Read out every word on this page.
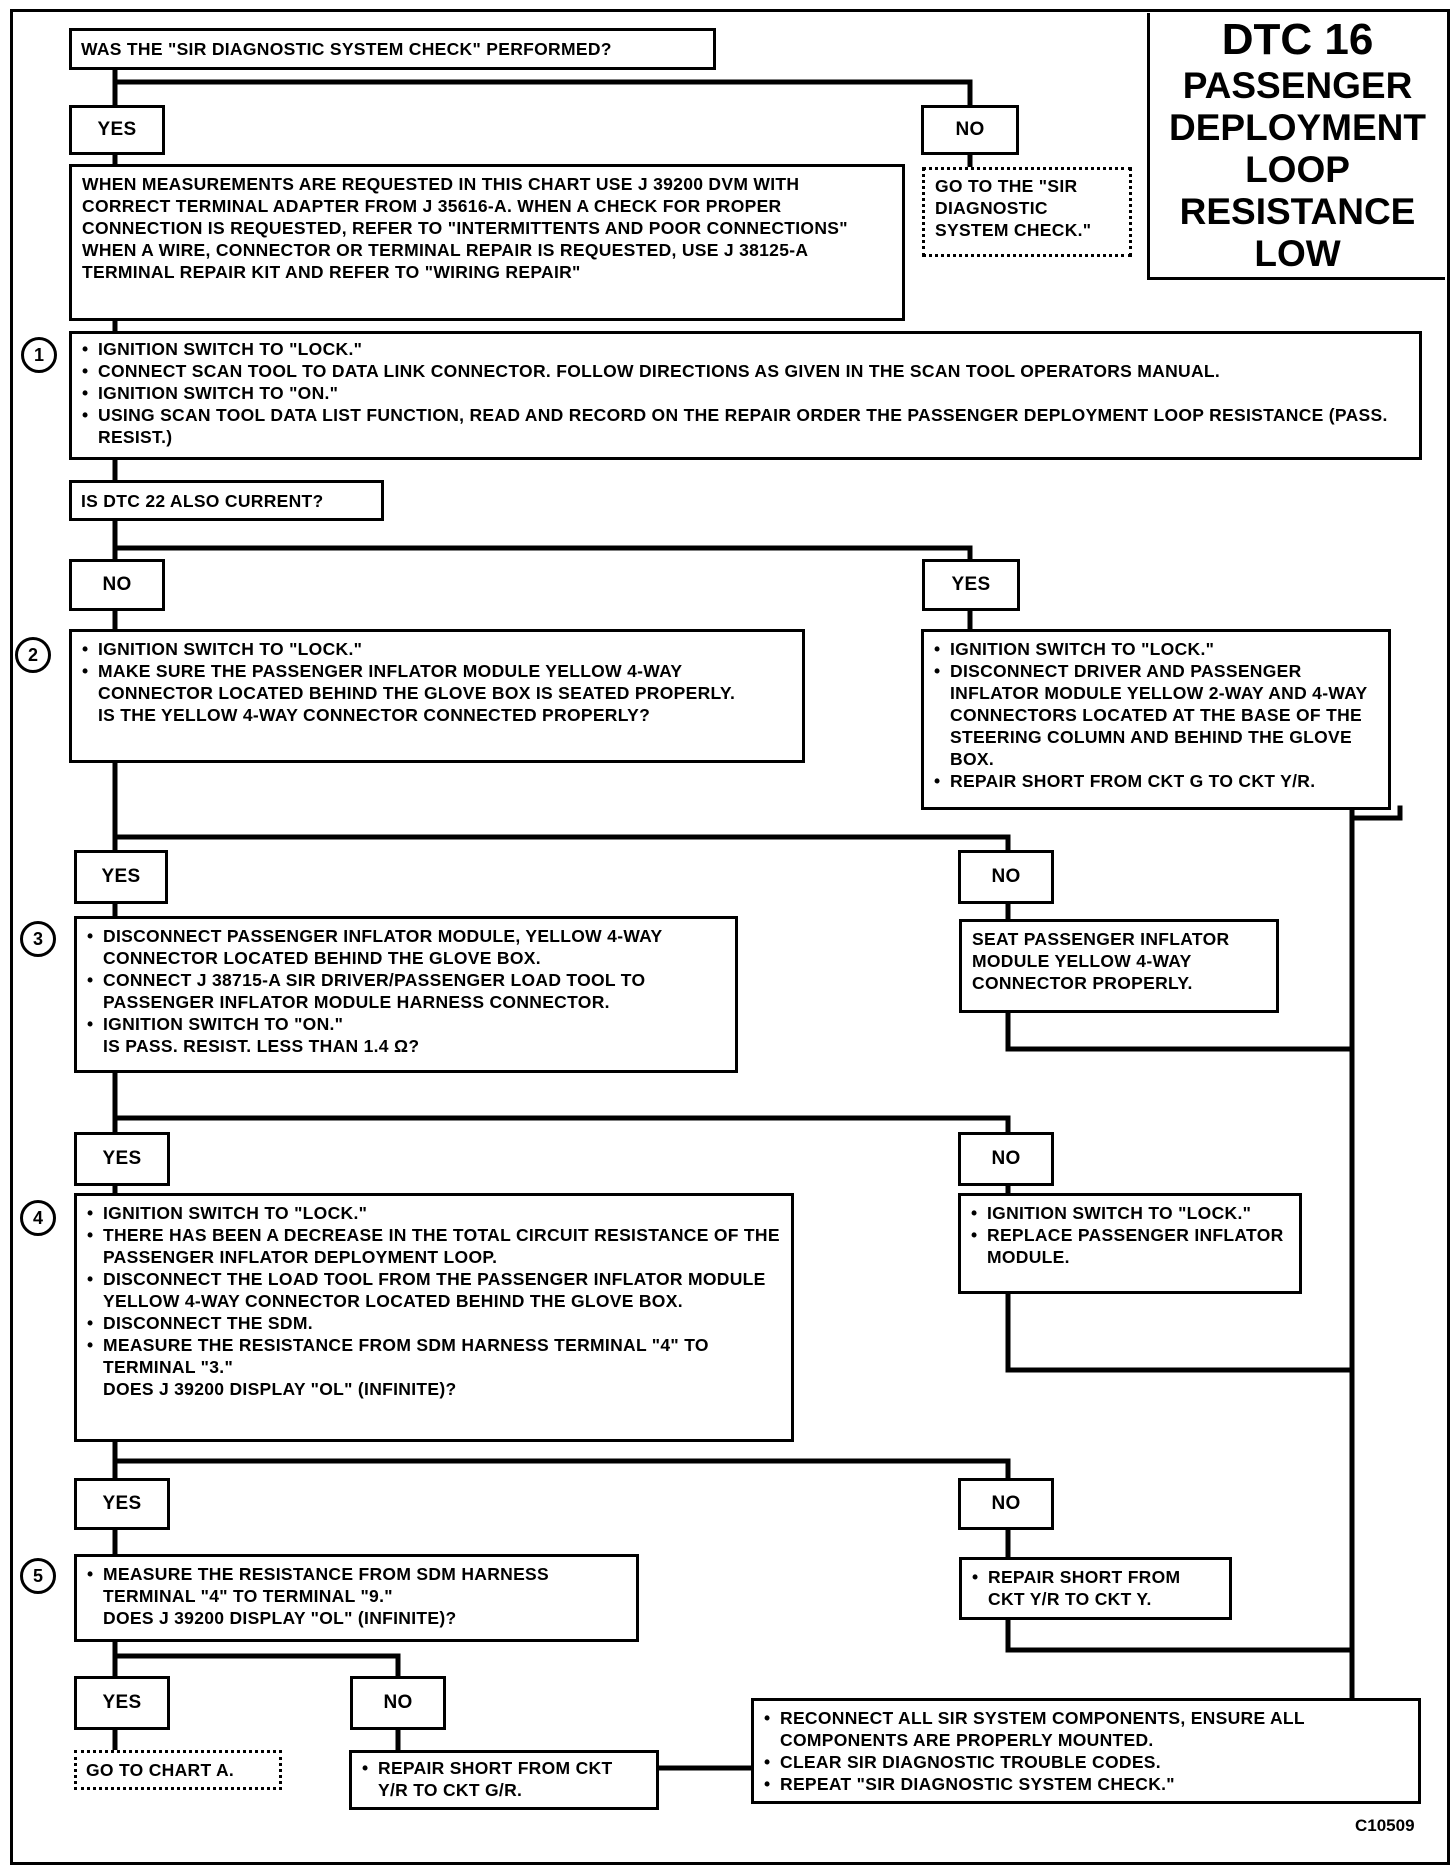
DTC 16
PASSENGER
DEPLOYMENT
LOOP
RESISTANCE
LOW
WAS THE "SIR DIAGNOSTIC SYSTEM CHECK" PERFORMED?
YES	NO
GO TO THE "SIR DIAGNOSTIC SYSTEM CHECK."
WHEN MEASUREMENTS ARE REQUESTED IN THIS CHART USE J 39200 DVM WITH CORRECT TERMINAL ADAPTER FROM J 35616-A. WHEN A CHECK FOR PROPER CONNECTION IS REQUESTED, REFER TO "INTERMITTENTS AND POOR CONNECTIONS"                    WHEN A WIRE, CONNECTOR OR TERMINAL REPAIR IS REQUESTED, USE J 38125-A TERMINAL REPAIR KIT AND REFER TO "WIRING REPAIR"
1	• IGNITION SWITCH TO "LOCK."
• CONNECT SCAN TOOL TO DATA LINK CONNECTOR. FOLLOW DIRECTIONS AS GIVEN IN THE SCAN TOOL OPERATORS MANUAL.
• IGNITION SWITCH TO "ON."
• USING SCAN TOOL DATA LIST FUNCTION, READ AND RECORD ON THE REPAIR ORDER THE PASSENGER DEPLOYMENT LOOP RESISTANCE (PASS. RESIST.)
IS DTC 22 ALSO CURRENT?
NO	YES
2	• IGNITION SWITCH TO "LOCK."
• MAKE SURE THE PASSENGER INFLATOR MODULE YELLOW 4-WAY CONNECTOR LOCATED BEHIND THE GLOVE BOX IS SEATED PROPERLY.
IS THE YELLOW 4-WAY CONNECTOR CONNECTED PROPERLY?
• IGNITION SWITCH TO "LOCK."
• DISCONNECT DRIVER AND PASSENGER INFLATOR MODULE YELLOW 2-WAY AND 4-WAY CONNECTORS LOCATED AT THE BASE OF THE STEERING COLUMN AND BEHIND THE GLOVE BOX.
• REPAIR SHORT FROM CKT G TO CKT Y/R.
YES	NO
3	• DISCONNECT PASSENGER INFLATOR MODULE, YELLOW 4-WAY CONNECTOR LOCATED BEHIND THE GLOVE BOX.
• CONNECT J 38715-A SIR DRIVER/PASSENGER LOAD TOOL TO PASSENGER INFLATOR MODULE HARNESS CONNECTOR.
• IGNITION SWITCH TO "ON."
IS PASS. RESIST. LESS THAN 1.4 Ω?
SEAT PASSENGER INFLATOR MODULE YELLOW 4-WAY CONNECTOR PROPERLY.
YES	NO
4	• IGNITION SWITCH TO "LOCK."
• THERE HAS BEEN A DECREASE IN THE TOTAL CIRCUIT RESISTANCE OF THE PASSENGER INFLATOR DEPLOYMENT LOOP.
• DISCONNECT THE LOAD TOOL FROM THE PASSENGER INFLATOR MODULE YELLOW 4-WAY CONNECTOR LOCATED BEHIND THE GLOVE BOX.
• DISCONNECT THE SDM.
• MEASURE THE RESISTANCE FROM SDM HARNESS TERMINAL "4" TO TERMINAL "3."
DOES J 39200 DISPLAY "OL" (INFINITE)?
• IGNITION SWITCH TO "LOCK."
• REPLACE PASSENGER INFLATOR MODULE.
YES	NO
5	• MEASURE THE RESISTANCE FROM SDM HARNESS TERMINAL "4" TO TERMINAL "9."
DOES J 39200 DISPLAY "OL" (INFINITE)?
• REPAIR SHORT FROM CKT Y/R TO CKT Y.
YES	NO
GO TO CHART A.	• REPAIR SHORT FROM CKT Y/R TO CKT G/R.
• RECONNECT ALL SIR SYSTEM COMPONENTS, ENSURE ALL COMPONENTS ARE PROPERLY MOUNTED.
• CLEAR SIR DIAGNOSTIC TROUBLE CODES.
• REPEAT "SIR DIAGNOSTIC SYSTEM CHECK."
C10509
